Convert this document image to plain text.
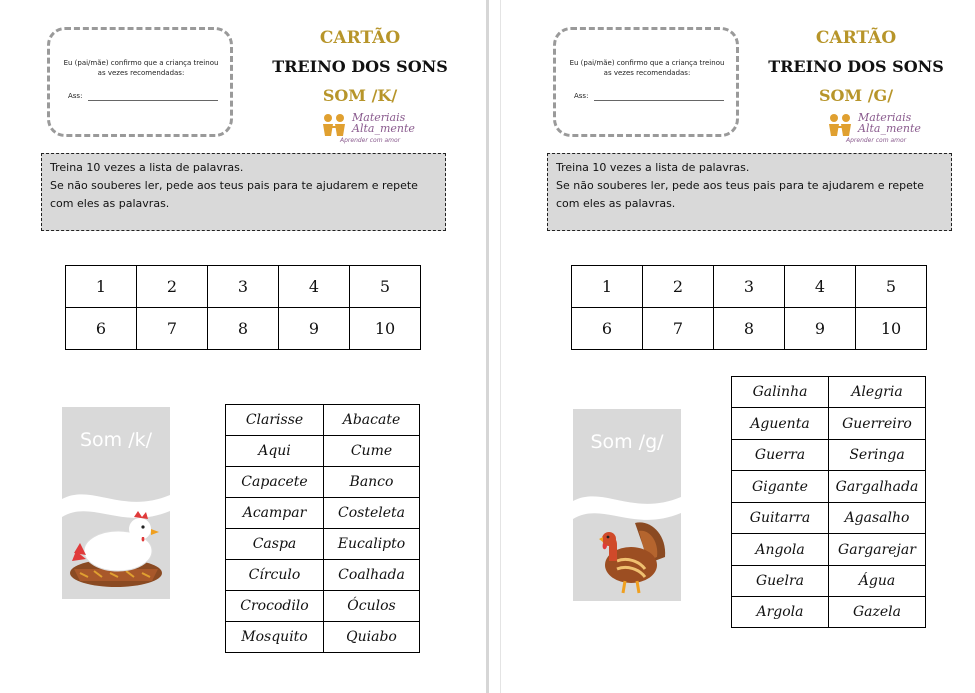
Eu (pai/mãe) confirmo que a criança treinou as vezes recomendadas:
Ass:
CARTÃO
TREINO DOS SONS
SOM /K/
Materiais
Alta_mente
Aprender com amor
Treina 10 vezes a lista de palavras.
Se não souberes ler, pede aos teus pais para te ajudarem e repete com eles as palavras.
1	2	3	4	5
6	7	8	9	10
Som /k/
Clarisse	Abacate
Aqui	Cume
Capacete	Banco
Acampar	Costeleta
Caspa	Eucalipto
Círculo	Coalhada
Crocodilo	Óculos
Mosquito	Quiabo
Eu (pai/mãe) confirmo que a criança treinou as vezes recomendadas:
Ass:
CARTÃO
TREINO DOS SONS
SOM /G/
Materiais
Alta_mente
Aprender com amor
Treina 10 vezes a lista de palavras.
Se não souberes ler, pede aos teus pais para te ajudarem e repete com eles as palavras.
1	2	3	4	5
6	7	8	9	10
Som /g/
Galinha	Alegria
Aguenta	Guerreiro
Guerra	Seringa
Gigante	Gargalhada
Guitarra	Agasalho
Angola	Gargarejar
Guelra	Água
Argola	Gazela
